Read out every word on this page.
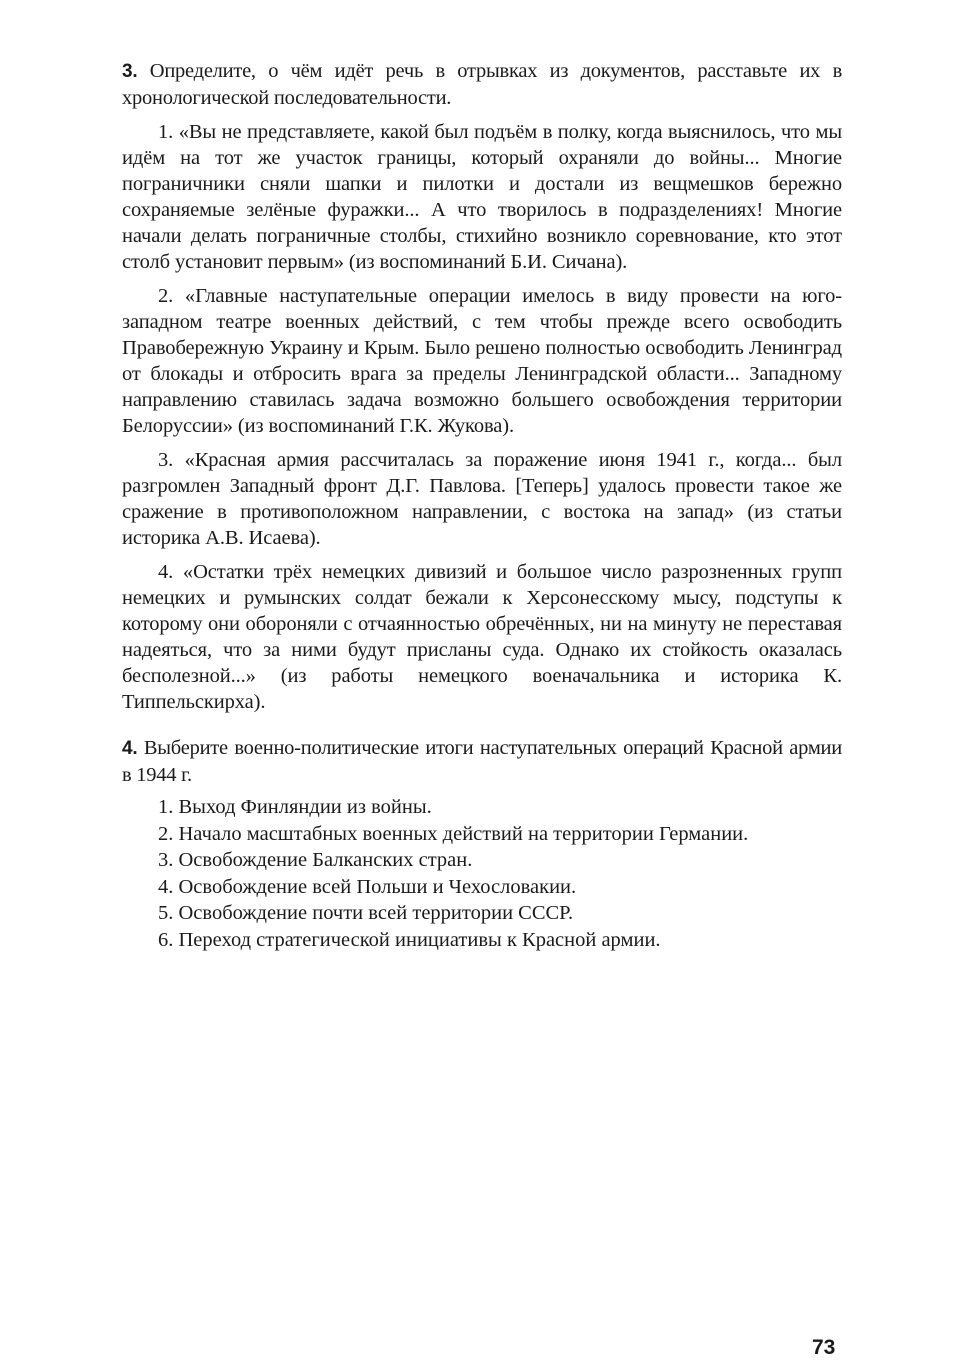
3. Определите, о чём идёт речь в отрывках из документов, расставьте их в хронологической последовательности.

1. «Вы не представляете, какой был подъём в полку, когда выяснилось, что мы идём на тот же участок границы, который охраняли до войны... Многие пограничники сняли шапки и пилотки и достали из вещмешков бережно сохраняемые зелёные фуражки... А что творилось в подразделениях! Многие начали делать пограничные столбы, стихийно возникло соревнование, кто этот столб установит первым» (из воспоминаний Б.И. Сичана).

2. «Главные наступательные операции имелось в виду провести на юго-западном театре военных действий, с тем чтобы прежде всего освободить Правобережную Украину и Крым. Было решено полностью освободить Ленинград от блокады и отбросить врага за пределы Ленинградской области... Западному направлению ставилась задача возможно большего освобождения территории Белоруссии» (из воспоминаний Г.К. Жукова).

3. «Красная армия рассчиталась за поражение июня 1941 г., когда... был разгромлен Западный фронт Д.Г. Павлова. [Теперь] удалось провести такое же сражение в противоположном направлении, с востока на запад» (из статьи историка А.В. Исаева).

4. «Остатки трёх немецких дивизий и большое число разрозненных групп немецких и румынских солдат бежали к Херсонесскому мысу, подступы к которому они обороняли с отчаянностью обречённых, ни на минуту не переставая надеяться, что за ними будут присланы суда. Однако их стойкость оказалась бесполезной...» (из работы немецкого военачальника и историка К. Типпельскирха).

4. Выберите военно-политические итоги наступательных операций Красной армии в 1944 г.

1. Выход Финляндии из войны.
2. Начало масштабных военных действий на территории Германии.
3. Освобождение Балканских стран.
4. Освобождение всей Польши и Чехословакии.
5. Освобождение почти всей территории СССР.
6. Переход стратегической инициативы к Красной армии.
73
